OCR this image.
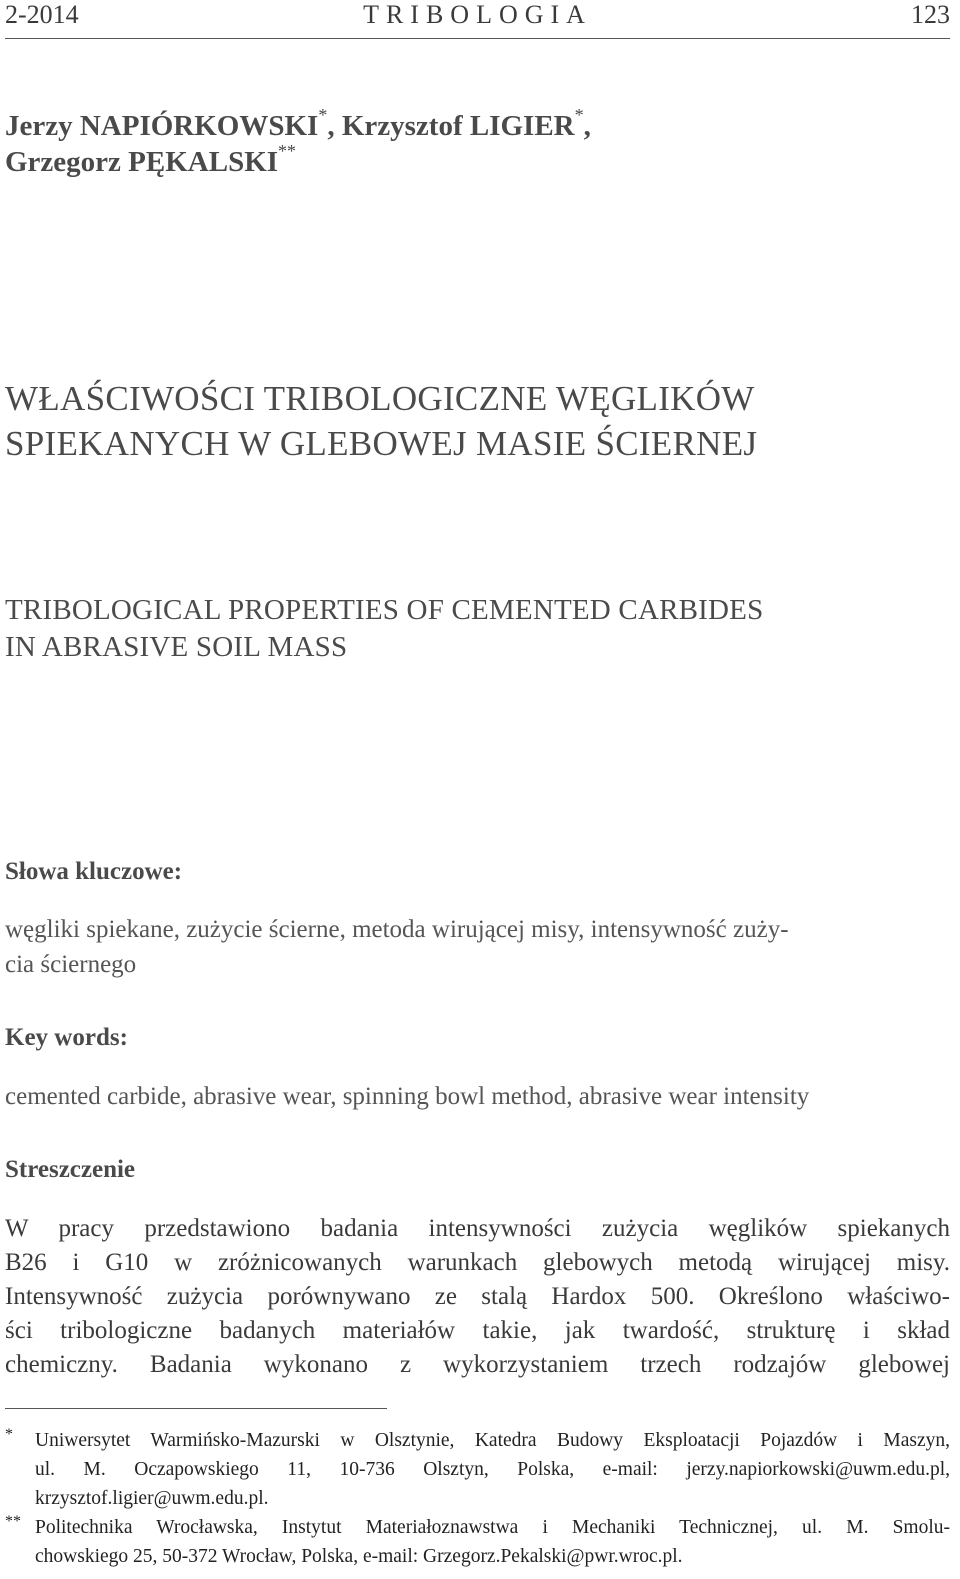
2-2014	TRIBOLOGIA	123
Jerzy NAPIÓRKOWSKI*, Krzysztof LIGIER*,
Grzegorz PĘKALSKI**
WŁAŚCIWOŚCI TRIBOLOGICZNE WĘGLIKÓW
SPIEKANYCH W GLEBOWEJ MASIE ŚCIERNEJ
TRIBOLOGICAL PROPERTIES OF CEMENTED CARBIDES
IN ABRASIVE SOIL MASS
Słowa kluczowe:
węgliki spiekane, zużycie ścierne, metoda wirującej misy, intensywność zuży-
cia ściernego
Key words:
cemented carbide, abrasive wear, spinning bowl method, abrasive wear intensity
Streszczenie
W pracy przedstawiono badania intensywności zużycia węglików spiekanych
B26 i G10 w zróżnicowanych warunkach glebowych metodą wirującej misy.
Intensywność zużycia porównywano ze stalą Hardox 500. Określono właściwo-
ści tribologiczne badanych materiałów takie, jak twardość, strukturę i skład
chemiczny. Badania wykonano z wykorzystaniem trzech rodzajów glebowej
* Uniwersytet Warmińsko-Mazurski w Olsztynie, Katedra Budowy Eksploatacji Pojazdów i Maszyn,
ul. M. Oczapowskiego 11, 10-736 Olsztyn, Polska, e-mail: jerzy.napiorkowski@uwm.edu.pl,
krzysztof.ligier@uwm.edu.pl.
** Politechnika Wrocławska, Instytut Materiałoznawstwa i Mechaniki Technicznej, ul. M. Smolu-
chowskiego 25, 50-372 Wrocław, Polska, e-mail: Grzegorz.Pekalski@pwr.wroc.pl.
